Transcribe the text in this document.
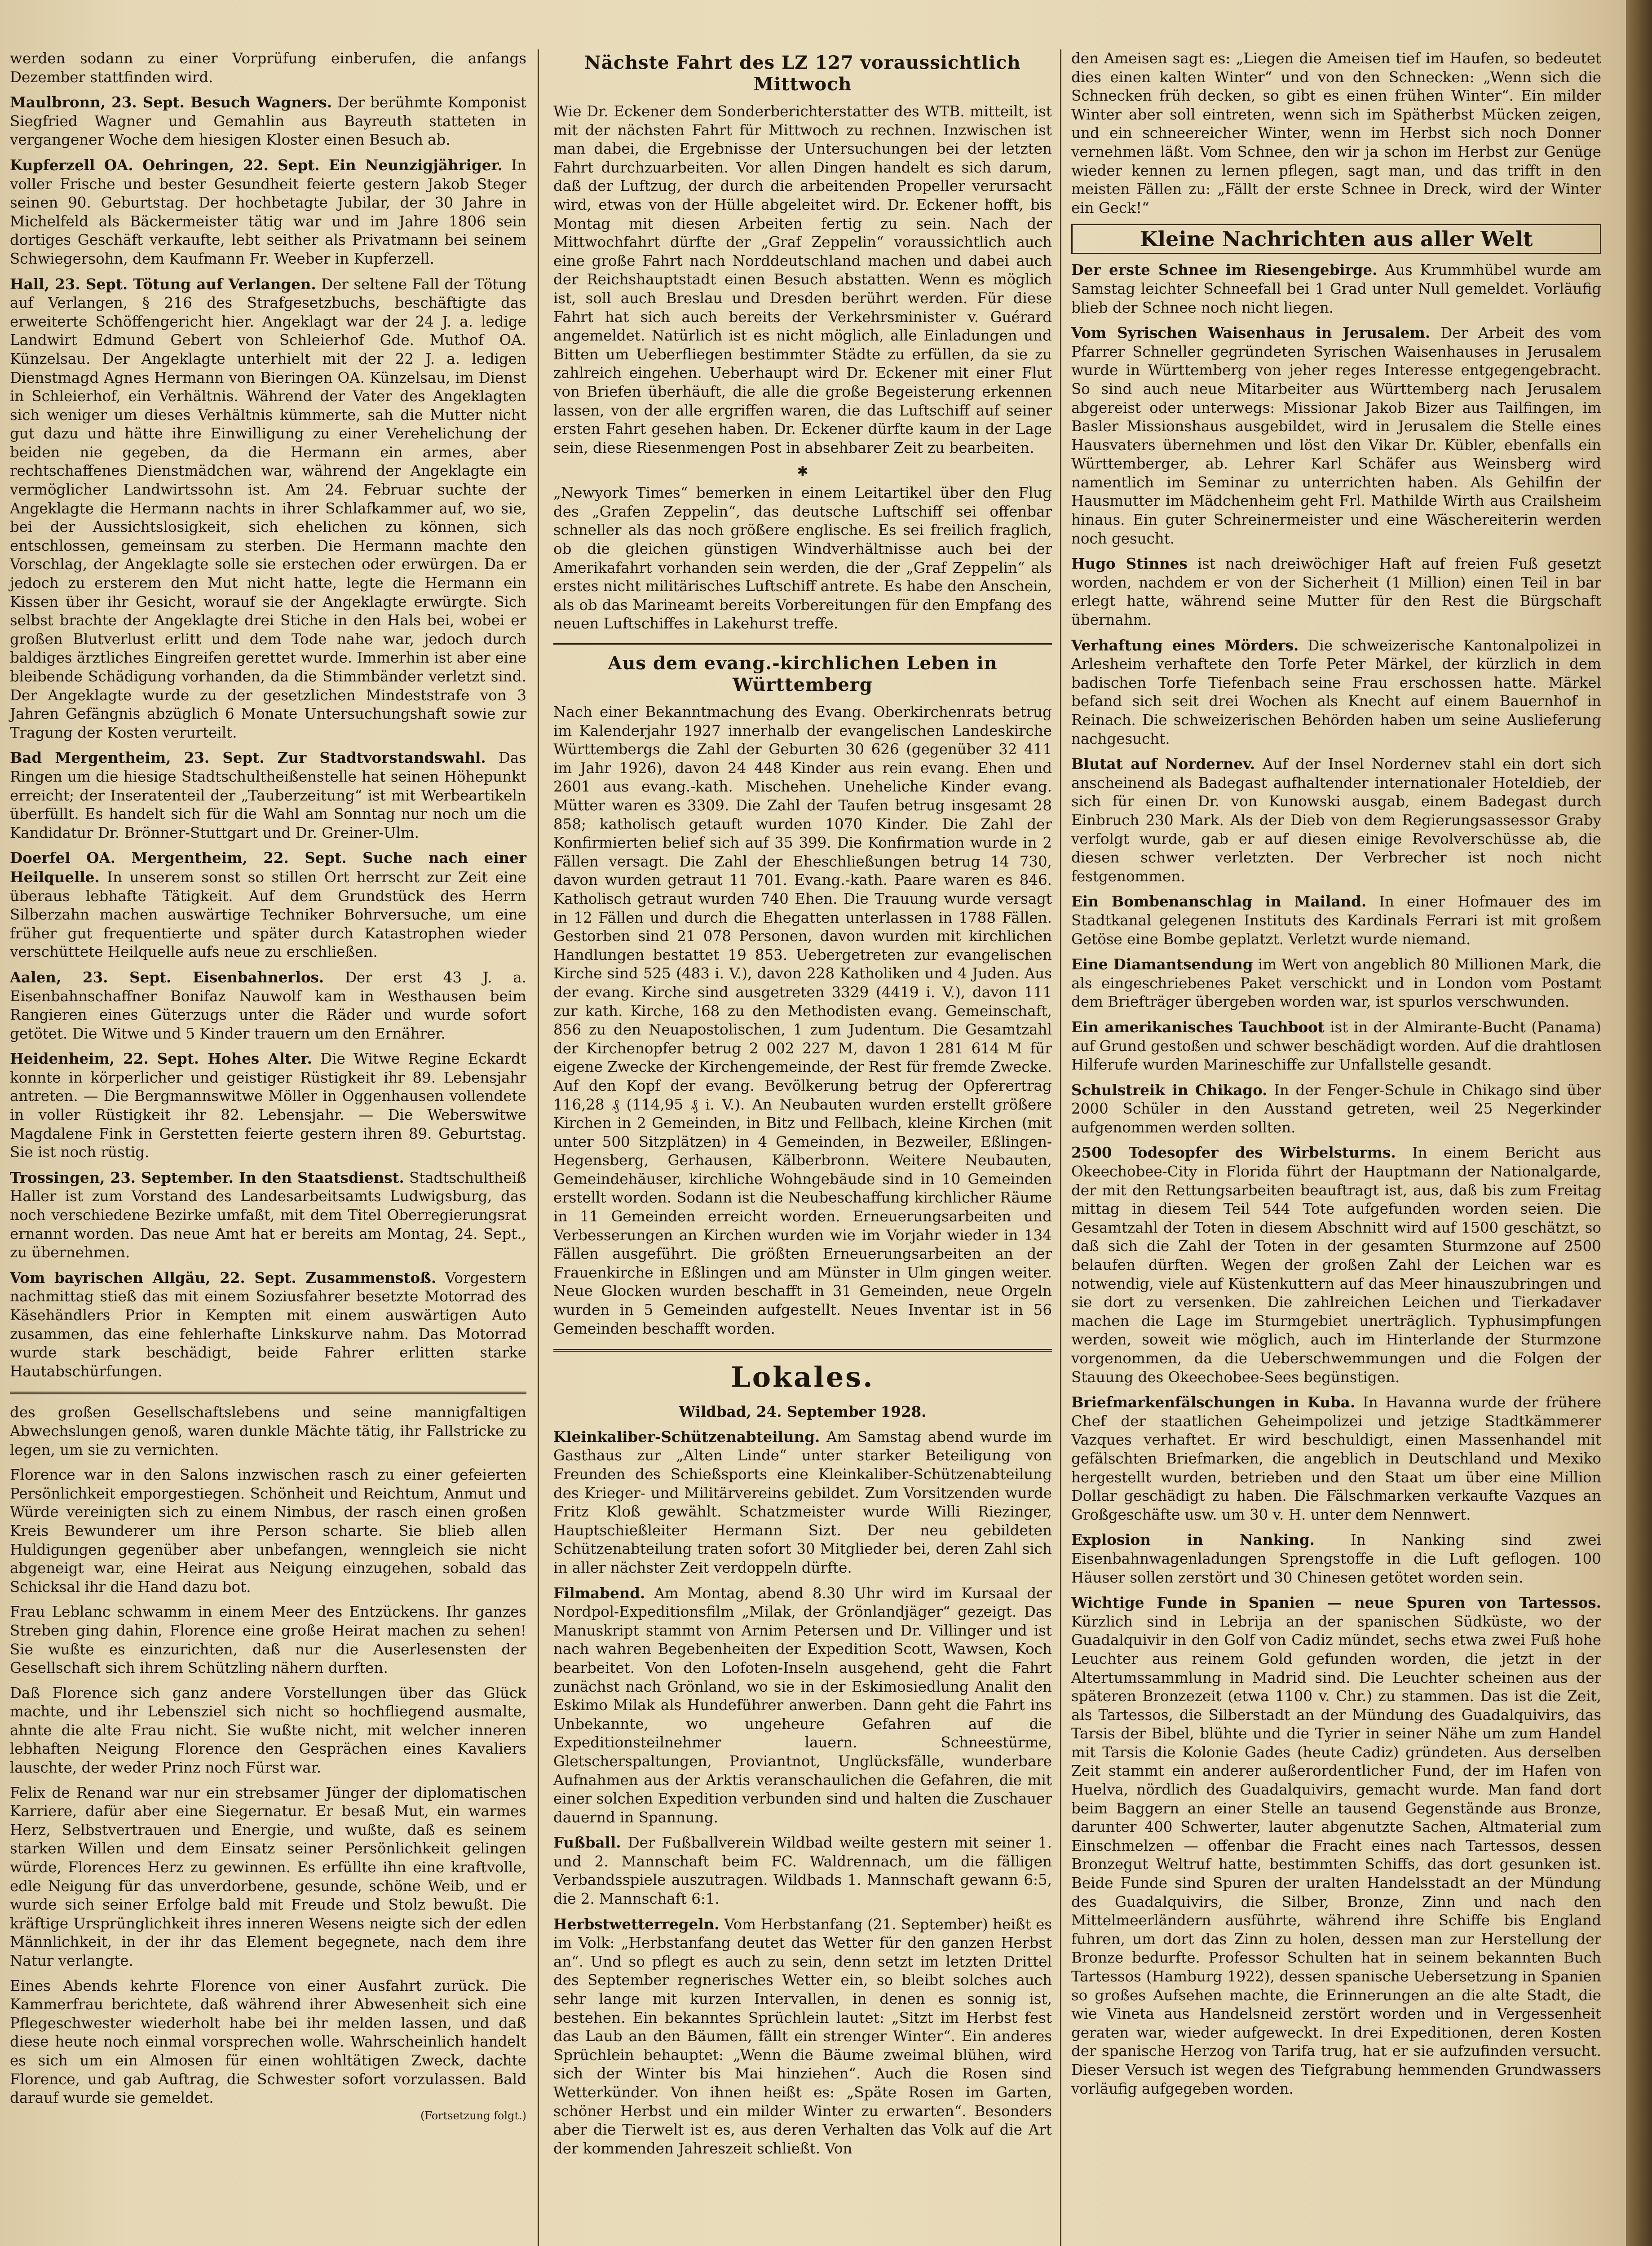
werden sodann zu einer Vorprüfung einberufen, die anfangs Dezember stattfinden wird.

Maulbronn, 23. Sept. Besuch Wagners. Der berühmte Komponist Siegfried Wagner und Gemahlin aus Bayreuth statteten in vergangener Woche dem hiesigen Kloster einen Besuch ab.

Kupferzell OA. Oehringen, 22. Sept. Ein Neunzigjähriger. In voller Frische und bester Gesundheit feierte gestern Jakob Steger seinen 90. Geburtstag. Der hochbetagte Jubilar, der 30 Jahre in Michelfeld als Bäckermeister tätig war und im Jahre 1806 sein dortiges Geschäft verkaufte, lebt seither als Privatmann bei seinem Schwiegersohn, dem Kaufmann Fr. Weeber in Kupferzell.

Hall, 23. Sept. Tötung auf Verlangen. Der seltene Fall der Tötung auf Verlangen, § 216 des Strafgesetzbuchs, beschäftigte das erweiterte Schöffengericht hier. Angeklagt war der 24 J. a. ledige Landwirt Edmund Gebert von Schleierhof Gde. Muthof OA. Künzelsau. Der Angeklagte unterhielt mit der 22 J. a. ledigen Dienstmagd Agnes Hermann von Bieringen OA. Künzelsau, im Dienst in Schleierhof, ein Verhältnis. Während der Vater des Angeklagten sich weniger um dieses Verhältnis kümmerte, sah die Mutter nicht gut dazu und hätte ihre Einwilligung zu einer Verehelichung der beiden nie gegeben, da die Hermann ein armes, aber rechtschaffenes Dienstmädchen war, während der Angeklagte ein vermöglicher Landwirtssohn ist. Am 24. Februar suchte der Angeklagte die Hermann nachts in ihrer Schlafkammer auf, wo sie, bei der Aussichtslosigkeit, sich ehelichen zu können, sich entschlossen, gemeinsam zu sterben. Die Hermann machte den Vorschlag, der Angeklagte solle sie erstechen oder erwürgen. Da er jedoch zu ersterem den Mut nicht hatte, legte die Hermann ein Kissen über ihr Gesicht, worauf sie der Angeklagte erwürgte. Sich selbst brachte der Angeklagte drei Stiche in den Hals bei, wobei er großen Blutverlust erlitt und dem Tode nahe war, jedoch durch baldiges ärztliches Eingreifen gerettet wurde. Immerhin ist aber eine bleibende Schädigung vorhanden, da die Stimmbänder verletzt sind. Der Angeklagte wurde zu der gesetzlichen Mindeststrafe von 3 Jahren Gefängnis abzüglich 6 Monate Untersuchungshaft sowie zur Tragung der Kosten verurteilt.

Bad Mergentheim, 23. Sept. Zur Stadtvorstandswahl. Das Ringen um die hiesige Stadtschultheißenstelle hat seinen Höhepunkt erreicht; der Inseratenteil der „Tauberzeitung“ ist mit Werbeartikeln überfüllt. Es handelt sich für die Wahl am Sonntag nur noch um die Kandidatur Dr. Brönner-Stuttgart und Dr. Greiner-Ulm.

Doerfel OA. Mergentheim, 22. Sept. Suche nach einer Heilquelle. In unserem sonst so stillen Ort herrscht zur Zeit eine überaus lebhafte Tätigkeit. Auf dem Grundstück des Herrn Silberzahn machen auswärtige Techniker Bohrversuche, um eine früher gut frequentierte und später durch Katastrophen wieder verschüttete Heilquelle aufs neue zu erschließen.

Aalen, 23. Sept. Eisenbahnerlos. Der erst 43 J. a. Eisenbahnschaffner Bonifaz Nauwolf kam in Westhausen beim Rangieren eines Güterzugs unter die Räder und wurde sofort getötet. Die Witwe und 5 Kinder trauern um den Ernährer.

Heidenheim, 22. Sept. Hohes Alter. Die Witwe Regine Eckardt konnte in körperlicher und geistiger Rüstigkeit ihr 89. Lebensjahr antreten. — Die Bergmannswitwe Möller in Oggenhausen vollendete in voller Rüstigkeit ihr 82. Lebensjahr. — Die Weberswitwe Magdalene Fink in Gerstetten feierte gestern ihren 89. Geburtstag. Sie ist noch rüstig.

Trossingen, 23. September. In den Staatsdienst. Stadtschultheiß Haller ist zum Vorstand des Landesarbeitsamts Ludwigsburg, das noch verschiedene Bezirke umfaßt, mit dem Titel Oberregierungsrat ernannt worden. Das neue Amt hat er bereits am Montag, 24. Sept., zu übernehmen.

Vom bayrischen Allgäu, 22. Sept. Zusammenstoß. Vorgestern nachmittag stieß das mit einem Soziusfahrer besetzte Motorrad des Käsehändlers Prior in Kempten mit einem auswärtigen Auto zusammen, das eine fehlerhafte Linkskurve nahm. Das Motorrad wurde stark beschädigt, beide Fahrer erlitten starke Hautabschürfungen.

des großen Gesellschaftslebens und seine mannigfaltigen Abwechslungen genoß, waren dunkle Mächte tätig, ihr Fallstricke zu legen, um sie zu vernichten.

Florence war in den Salons inzwischen rasch zu einer gefeierten Persönlichkeit emporgestiegen. Schönheit und Reichtum, Anmut und Würde vereinigten sich zu einem Nimbus, der rasch einen großen Kreis Bewunderer um ihre Person scharte. Sie blieb allen Huldigungen gegenüber aber unbefangen, wenngleich sie nicht abgeneigt war, eine Heirat aus Neigung einzugehen, sobald das Schicksal ihr die Hand dazu bot.

Frau Leblanc schwamm in einem Meer des Entzückens. Ihr ganzes Streben ging dahin, Florence eine große Heirat machen zu sehen! Sie wußte es einzurichten, daß nur die Auserlesensten der Gesellschaft sich ihrem Schützling nähern durften.

Daß Florence sich ganz andere Vorstellungen über das Glück machte, und ihr Lebensziel sich nicht so hochfliegend ausmalte, ahnte die alte Frau nicht. Sie wußte nicht, mit welcher inneren lebhaften Neigung Florence den Gesprächen eines Kavaliers lauschte, der weder Prinz noch Fürst war.

Felix de Renand war nur ein strebsamer Jünger der diplomatischen Karriere, dafür aber eine Siegernatur. Er besaß Mut, ein warmes Herz, Selbstvertrauen und Energie, und wußte, daß es seinem starken Willen und dem Einsatz seiner Persönlichkeit gelingen würde, Florences Herz zu gewinnen. Es erfüllte ihn eine kraftvolle, edle Neigung für das unverdorbene, gesunde, schöne Weib, und er wurde sich seiner Erfolge bald mit Freude und Stolz bewußt. Die kräftige Ursprünglichkeit ihres inneren Wesens neigte sich der edlen Männlichkeit, in der ihr das Element begegnete, nach dem ihre Natur verlangte.

Eines Abends kehrte Florence von einer Ausfahrt zurück. Die Kammerfrau berichtete, daß während ihrer Abwesenheit sich eine Pflegeschwester wiederholt habe bei ihr melden lassen, und daß diese heute noch einmal vorsprechen wolle. Wahrscheinlich handelt es sich um ein Almosen für einen wohltätigen Zweck, dachte Florence, und gab Auftrag, die Schwester sofort vorzulassen. Bald darauf wurde sie gemeldet.

(Fortsetzung folgt.)
Nächste Fahrt des LZ 127 voraussichtlich Mittwoch

Wie Dr. Eckener dem Sonderberichterstatter des WTB. mitteilt, ist mit der nächsten Fahrt für Mittwoch zu rechnen. Inzwischen ist man dabei, die Ergebnisse der Untersuchungen bei der letzten Fahrt durchzuarbeiten. Vor allen Dingen handelt es sich darum, daß der Luftzug, der durch die arbeitenden Propeller verursacht wird, etwas von der Hülle abgeleitet wird. Dr. Eckener hofft, bis Montag mit diesen Arbeiten fertig zu sein. Nach der Mittwochfahrt dürfte der „Graf Zeppelin“ voraussichtlich auch eine große Fahrt nach Norddeutschland machen und dabei auch der Reichshauptstadt einen Besuch abstatten. Wenn es möglich ist, soll auch Breslau und Dresden berührt werden. Für diese Fahrt hat sich auch bereits der Verkehrsminister v. Guérard angemeldet. Natürlich ist es nicht möglich, alle Einladungen und Bitten um Ueberfliegen bestimmter Städte zu erfüllen, da sie zu zahlreich eingehen. Ueberhaupt wird Dr. Eckener mit einer Flut von Briefen überhäuft, die alle die große Begeisterung erkennen lassen, von der alle ergriffen waren, die das Luftschiff auf seiner ersten Fahrt gesehen haben. Dr. Eckener dürfte kaum in der Lage sein, diese Riesenmengen Post in absehbarer Zeit zu bearbeiten.

✱

„Newyork Times“ bemerken in einem Leitartikel über den Flug des „Grafen Zeppelin“, das deutsche Luftschiff sei offenbar schneller als das noch größere englische. Es sei freilich fraglich, ob die gleichen günstigen Windverhältnisse auch bei der Amerikafahrt vorhanden sein werden, die der „Graf Zeppelin“ als erstes nicht militärisches Luftschiff antrete. Es habe den Anschein, als ob das Marineamt bereits Vorbereitungen für den Empfang des neuen Luftschiffes in Lakehurst treffe.

Aus dem evang.-kirchlichen Leben in Württemberg

Nach einer Bekanntmachung des Evang. Oberkirchenrats betrug im Kalenderjahr 1927 innerhalb der evangelischen Landeskirche Württembergs die Zahl der Geburten 30 626 (gegenüber 32 411 im Jahr 1926), davon 24 448 Kinder aus rein evang. Ehen und 2601 aus evang.-kath. Mischehen. Uneheliche Kinder evang. Mütter waren es 3309. Die Zahl der Taufen betrug insgesamt 28 858; katholisch getauft wurden 1070 Kinder. Die Zahl der Konfirmierten belief sich auf 35 399. Die Konfirmation wurde in 2 Fällen versagt. Die Zahl der Eheschließungen betrug 14 730, davon wurden getraut 11 701. Evang.-kath. Paare waren es 846. Katholisch getraut wurden 740 Ehen. Die Trauung wurde versagt in 12 Fällen und durch die Ehegatten unterlassen in 1788 Fällen. Gestorben sind 21 078 Personen, davon wurden mit kirchlichen Handlungen bestattet 19 853. Uebergetreten zur evangelischen Kirche sind 525 (483 i. V.), davon 228 Katholiken und 4 Juden. Aus der evang. Kirche sind ausgetreten 3329 (4419 i. V.), davon 111 zur kath. Kirche, 168 zu den Methodisten evang. Gemeinschaft, 856 zu den Neuapostolischen, 1 zum Judentum. Die Gesamtzahl der Kirchenopfer betrug 2 002 227 M, davon 1 281 614 M für eigene Zwecke der Kirchengemeinde, der Rest für fremde Zwecke. Auf den Kopf der evang. Bevölkerung betrug der Opferertrag 116,28 ₰ (114,95 ₰ i. V.). An Neubauten wurden erstellt größere Kirchen in 2 Gemeinden, in Bitz und Fellbach, kleine Kirchen (mit unter 500 Sitzplätzen) in 4 Gemeinden, in Bezweiler, Eßlingen-Hegensberg, Gerhausen, Kälberbronn. Weitere Neubauten, Gemeindehäuser, kirchliche Wohngebäude sind in 10 Gemeinden erstellt worden. Sodann ist die Neubeschaffung kirchlicher Räume in 11 Gemeinden erreicht worden. Erneuerungsarbeiten und Verbesserungen an Kirchen wurden wie im Vorjahr wieder in 134 Fällen ausgeführt. Die größten Erneuerungsarbeiten an der Frauenkirche in Eßlingen und am Münster in Ulm gingen weiter. Neue Glocken wurden beschafft in 31 Gemeinden, neue Orgeln wurden in 5 Gemeinden aufgestellt. Neues Inventar ist in 56 Gemeinden beschafft worden.

Lokales.

Wildbad, 24. September 1928.

Kleinkaliber-Schützenabteilung. Am Samstag abend wurde im Gasthaus zur „Alten Linde“ unter starker Beteiligung von Freunden des Schießsports eine Kleinkaliber-Schützenabteilung des Krieger- und Militärvereins gebildet. Zum Vorsitzenden wurde Fritz Kloß gewählt. Schatzmeister wurde Willi Riezinger, Hauptschießleiter Hermann Sizt. Der neu gebildeten Schützenabteilung traten sofort 30 Mitglieder bei, deren Zahl sich in aller nächster Zeit verdoppeln dürfte.

Filmabend. Am Montag, abend 8.30 Uhr wird im Kursaal der Nordpol-Expeditionsfilm „Milak, der Grönlandjäger“ gezeigt. Das Manuskript stammt von Arnim Petersen und Dr. Villinger und ist nach wahren Begebenheiten der Expedition Scott, Wawsen, Koch bearbeitet. Von den Lofoten-Inseln ausgehend, geht die Fahrt zunächst nach Grönland, wo sie in der Eskimosiedlung Analit den Eskimo Milak als Hundeführer anwerben. Dann geht die Fahrt ins Unbekannte, wo ungeheure Gefahren auf die Expeditionsteilnehmer lauern. Schneestürme, Gletscherspaltungen, Proviantnot, Unglücksfälle, wunderbare Aufnahmen aus der Arktis veranschaulichen die Gefahren, die mit einer solchen Expedition verbunden sind und halten die Zuschauer dauernd in Spannung.

Fußball. Der Fußballverein Wildbad weilte gestern mit seiner 1. und 2. Mannschaft beim FC. Waldrennach, um die fälligen Verbandsspiele auszutragen. Wildbads 1. Mannschaft gewann 6:5, die 2. Mannschaft 6:1.

Herbstwetterregeln. Vom Herbstanfang (21. September) heißt es im Volk: „Herbstanfang deutet das Wetter für den ganzen Herbst an“. Und so pflegt es auch zu sein, denn setzt im letzten Drittel des September regnerisches Wetter ein, so bleibt solches auch sehr lange mit kurzen Intervallen, in denen es sonnig ist, bestehen. Ein bekanntes Sprüchlein lautet: „Sitzt im Herbst fest das Laub an den Bäumen, fällt ein strenger Winter“. Ein anderes Sprüchlein behauptet: „Wenn die Bäume zweimal blühen, wird sich der Winter bis Mai hinziehen“. Auch die Rosen sind Wetterkünder. Von ihnen heißt es: „Späte Rosen im Garten, schöner Herbst und ein milder Winter zu erwarten“. Besonders aber die Tierwelt ist es, aus deren Verhalten das Volk auf die Art der kommenden Jahreszeit schließt. Von

den Ameisen sagt es: „Liegen die Ameisen tief im Haufen, so bedeutet dies einen kalten Winter“ und von den Schnecken: „Wenn sich die Schnecken früh decken, so gibt es einen frühen Winter“. Ein milder Winter aber soll eintreten, wenn sich im Spätherbst Mücken zeigen, und ein schneereicher Winter, wenn im Herbst sich noch Donner vernehmen läßt. Vom Schnee, den wir ja schon im Herbst zur Genüge wieder kennen zu lernen pflegen, sagt man, und das trifft in den meisten Fällen zu: „Fällt der erste Schnee in Dreck, wird der Winter ein Geck!“

Kleine Nachrichten aus aller Welt

Der erste Schnee im Riesengebirge. Aus Krummhübel wurde am Samstag leichter Schneefall bei 1 Grad unter Null gemeldet. Vorläufig blieb der Schnee noch nicht liegen.

Vom Syrischen Waisenhaus in Jerusalem. Der Arbeit des vom Pfarrer Schneller gegründeten Syrischen Waisenhauses in Jerusalem wurde in Württemberg von jeher reges Interesse entgegengebracht. So sind auch neue Mitarbeiter aus Württemberg nach Jerusalem abgereist oder unterwegs: Missionar Jakob Bizer aus Tailfingen, im Basler Missionshaus ausgebildet, wird in Jerusalem die Stelle eines Hausvaters übernehmen und löst den Vikar Dr. Kübler, ebenfalls ein Württemberger, ab. Lehrer Karl Schäfer aus Weinsberg wird namentlich im Seminar zu unterrichten haben. Als Gehilfin der Hausmutter im Mädchenheim geht Frl. Mathilde Wirth aus Crailsheim hinaus. Ein guter Schreinermeister und eine Wäschereiterin werden noch gesucht.

Hugo Stinnes ist nach dreiwöchiger Haft auf freien Fuß gesetzt worden, nachdem er von der Sicherheit (1 Million) einen Teil in bar erlegt hatte, während seine Mutter für den Rest die Bürgschaft übernahm.

Verhaftung eines Mörders. Die schweizerische Kantonalpolizei in Arlesheim verhaftete den Torfe Peter Märkel, der kürzlich in dem badischen Torfe Tiefenbach seine Frau erschossen hatte. Märkel befand sich seit drei Wochen als Knecht auf einem Bauernhof in Reinach. Die schweizerischen Behörden haben um seine Auslieferung nachgesucht.

Blutat auf Nordernev. Auf der Insel Nordernev stahl ein dort sich anscheinend als Badegast aufhaltender internationaler Hoteldieb, der sich für einen Dr. von Kunowski ausgab, einem Badegast durch Einbruch 230 Mark. Als der Dieb von dem Regierungsassessor Graby verfolgt wurde, gab er auf diesen einige Revolverschüsse ab, die diesen schwer verletzten. Der Verbrecher ist noch nicht festgenommen.

Ein Bombenanschlag in Mailand. In einer Hofmauer des im Stadtkanal gelegenen Instituts des Kardinals Ferrari ist mit großem Getöse eine Bombe geplatzt. Verletzt wurde niemand.

Eine Diamantsendung im Wert von angeblich 80 Millionen Mark, die als eingeschriebenes Paket verschickt und in London vom Postamt dem Briefträger übergeben worden war, ist spurlos verschwunden.

Ein amerikanisches Tauchboot ist in der Almirante-Bucht (Panama) auf Grund gestoßen und schwer beschädigt worden. Auf die drahtlosen Hilferufe wurden Marineschiffe zur Unfallstelle gesandt.

Schulstreik in Chikago. In der Fenger-Schule in Chikago sind über 2000 Schüler in den Ausstand getreten, weil 25 Negerkinder aufgenommen werden sollten.

2500 Todesopfer des Wirbelsturms. In einem Bericht aus Okeechobee-City in Florida führt der Hauptmann der Nationalgarde, der mit den Rettungsarbeiten beauftragt ist, aus, daß bis zum Freitag mittag in diesem Teil 544 Tote aufgefunden worden seien. Die Gesamtzahl der Toten in diesem Abschnitt wird auf 1500 geschätzt, so daß sich die Zahl der Toten in der gesamten Sturmzone auf 2500 belaufen dürften. Wegen der großen Zahl der Leichen war es notwendig, viele auf Küstenkuttern auf das Meer hinauszubringen und sie dort zu versenken. Die zahlreichen Leichen und Tierkadaver machen die Lage im Sturmgebiet unerträglich. Typhusimpfungen werden, soweit wie möglich, auch im Hinterlande der Sturmzone vorgenommen, da die Ueberschwemmungen und die Folgen der Stauung des Okeechobee-Sees begünstigen.

Briefmarkenfälschungen in Kuba. In Havanna wurde der frühere Chef der staatlichen Geheimpolizei und jetzige Stadtkämmerer Vazques verhaftet. Er wird beschuldigt, einen Massenhandel mit gefälschten Briefmarken, die angeblich in Deutschland und Mexiko hergestellt wurden, betrieben und den Staat um über eine Million Dollar geschädigt zu haben. Die Fälschmarken verkaufte Vazques an Großgeschäfte usw. um 30 v. H. unter dem Nennwert.

Explosion in Nanking. In Nanking sind zwei Eisenbahnwagenladungen Sprengstoffe in die Luft geflogen. 100 Häuser sollen zerstört und 30 Chinesen getötet worden sein.

Wichtige Funde in Spanien — neue Spuren von Tartessos. Kürzlich sind in Lebrija an der spanischen Südküste, wo der Guadalquivir in den Golf von Cadiz mündet, sechs etwa zwei Fuß hohe Leuchter aus reinem Gold gefunden worden, die jetzt in der Altertumssammlung in Madrid sind. Die Leuchter scheinen aus der späteren Bronzezeit (etwa 1100 v. Chr.) zu stammen. Das ist die Zeit, als Tartessos, die Silberstadt an der Mündung des Guadalquivirs, das Tarsis der Bibel, blühte und die Tyrier in seiner Nähe um zum Handel mit Tarsis die Kolonie Gades (heute Cadiz) gründeten. Aus derselben Zeit stammt ein anderer außerordentlicher Fund, der im Hafen von Huelva, nördlich des Guadalquivirs, gemacht wurde. Man fand dort beim Baggern an einer Stelle an tausend Gegenstände aus Bronze, darunter 400 Schwerter, lauter abgenutzte Sachen, Altmaterial zum Einschmelzen — offenbar die Fracht eines nach Tartessos, dessen Bronzegut Weltruf hatte, bestimmten Schiffs, das dort gesunken ist. Beide Funde sind Spuren der uralten Handelsstadt an der Mündung des Guadalquivirs, die Silber, Bronze, Zinn und nach den Mittelmeerländern ausführte, während ihre Schiffe bis England fuhren, um dort das Zinn zu holen, dessen man zur Herstellung der Bronze bedurfte. Professor Schulten hat in seinem bekannten Buch Tartessos (Hamburg 1922), dessen spanische Uebersetzung in Spanien so großes Aufsehen machte, die Erinnerungen an die alte Stadt, die wie Vineta aus Handelsneid zerstört worden und in Vergessenheit geraten war, wieder aufgeweckt. In drei Expeditionen, deren Kosten der spanische Herzog von Tarifa trug, hat er sie aufzufinden versucht. Dieser Versuch ist wegen des Tiefgrabung hemmenden Grundwassers vorläufig aufgegeben worden.
